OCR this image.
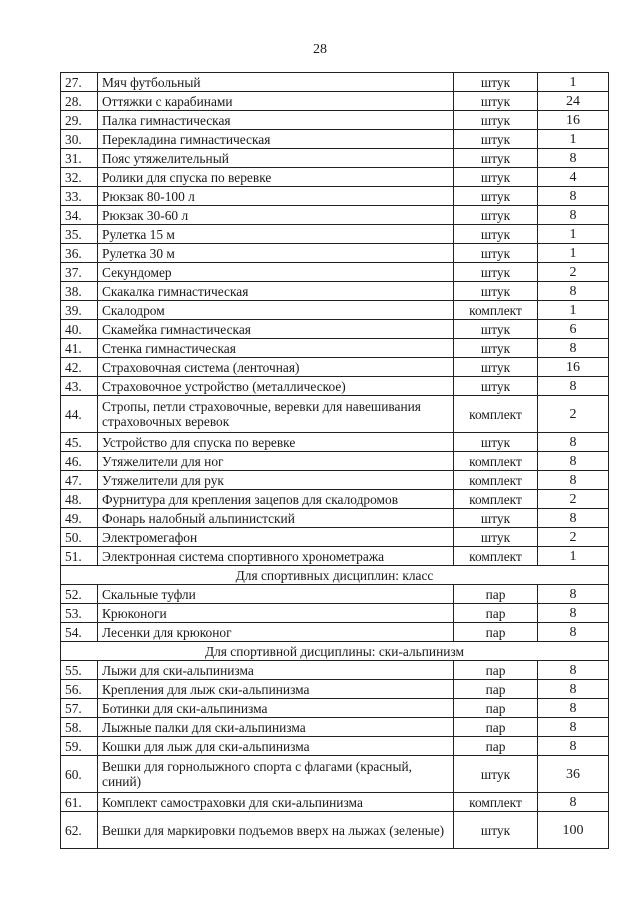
28
27.	Мяч футбольный	штук	1
28.	Оттяжки с карабинами	штук	24
29.	Палка гимнастическая	штук	16
30.	Перекладина гимнастическая	штук	1
31.	Пояс утяжелительный	штук	8
32.	Ролики для спуска по веревке	штук	4
33.	Рюкзак 80-100 л	штук	8
34.	Рюкзак 30-60 л	штук	8
35.	Рулетка 15 м	штук	1
36.	Рулетка 30 м	штук	1
37.	Секундомер	штук	2
38.	Скакалка гимнастическая	штук	8
39.	Скалодром	комплект	1
40.	Скамейка гимнастическая	штук	6
41.	Стенка гимнастическая	штук	8
42.	Страховочная система (ленточная)	штук	16
43.	Страховочное устройство (металлическое)	штук	8
44.	Стропы, петли страховочные, веревки для навешивания страховочных веревок	комплект	2
45.	Устройство для спуска по веревке	штук	8
46.	Утяжелители для ног	комплект	8
47.	Утяжелители для рук	комплект	8
48.	Фурнитура для крепления зацепов для скалодромов	комплект	2
49.	Фонарь налобный альпинистский	штук	8
50.	Электромегафон	штук	2
51.	Электронная система спортивного хронометража	комплект	1
Для спортивных дисциплин: класс			
52.	Скальные туфли	пар	8
53.	Крюконоги	пар	8
54.	Лесенки для крюконог	пар	8
Для спортивной дисциплины: ски-альпинизм			
55.	Лыжи для ски-альпинизма	пар	8
56.	Крепления для лыж ски-альпинизма	пар	8
57.	Ботинки для ски-альпинизма	пар	8
58.	Лыжные палки для ски-альпинизма	пар	8
59.	Кошки для лыж для ски-альпинизма	пар	8
60.	Вешки для горнолыжного спорта с флагами (красный, синий)	штук	36
61.	Комплект самостраховки для ски-альпинизма	комплект	8
62.	Вешки для маркировки подъемов вверх на лыжах (зеленые)	штук	100
